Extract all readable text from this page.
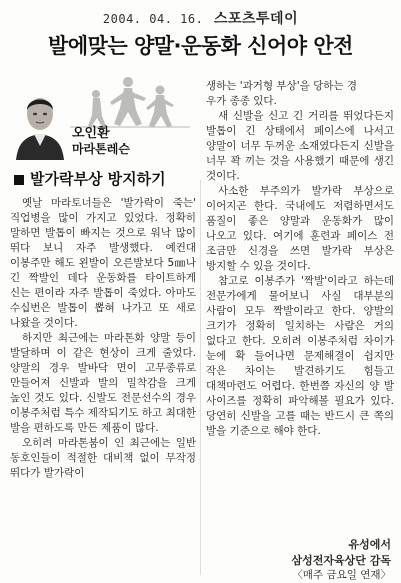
2004. 04. 16. 스포츠투데이
발에맞는 양말·운동화 신어야 안전
오인환
마라톤레슨
발가락부상 방지하기

옛날 마라토너들은 '발가락이 죽는' 직업병을 많이 가지고 있었다. 정확히 말하면 발톱이 빠지는 것으로 워낙 많이 뛰다 보니 자주 발생했다. 예컨대 이봉주만 해도 왼발이 오른발보다 5㎜나 긴 짝발인 데다 운동화를 타이트하게 신는 편이라 자주 발톱이 죽었다. 아마도 수십번은 발톱이 뽑혀 나가고 또 새로 나왔을 것이다.

하지만 최근에는 마라톤화 양말 등이 발달하며 이 같은 현상이 크게 줄었다. 양말의 경우 발바닥 면이 고무종류로 만들어져 신발과 발의 밀착감을 크게 높인 것도 있다. 신발도 전문선수의 경우 이봉주처럼 특수 제작되기도 하고 최대한 발을 편하도록 만든 제품이 많다.

오히려 마라톤붐이 인 최근에는 일반 동호인들이 적절한 대비책 없이 무작정 뛰다가 발가락이

생하는 '과거형 부상'을 당하는 경

우가 종종 있다.

새 신발을 신고 긴 거리를 뛰었다든지 발톱이 긴 상태에서 페이스에 나서고 양말이 너무 두꺼운 소재였다든지 신발을 너무 꽉 끼는 것을 사용했기 때문에 생긴 것이다.

사소한 부주의가 발가락 부상으로 이어지곤 한다. 국내에도 저렴하면서도 품질이 좋은 양말과 운동화가 많이 나오고 있다. 여기에 훈련과 페이스 전 조금만 신경을 쓰면 발가락 부상은 방지할 수 있을 것이다.

참고로 이봉주가 '짝발'이라고 하는데 전문가에게 물어보니 사실 대부분의 사람이 모두 짝발이라고 한다. 양발의 크기가 정확히 일치하는 사람은 거의 없다고 한다. 오히려 이봉주처럼 차이가 눈에 확 들어나면 문제해결이 쉽지만 작은 차이는 발견하기도 힘들고 대책마련도 어렵다. 한번쯤 자신의 양 발 사이즈를 정확히 파악해볼 필요가 있다. 당연히 신발을 고를 때는 반드시 큰 쪽의 발을 기준으로 해야 한다.

유성에서
삼성전자육상단 감독
〈매주 금요일 연재〉
